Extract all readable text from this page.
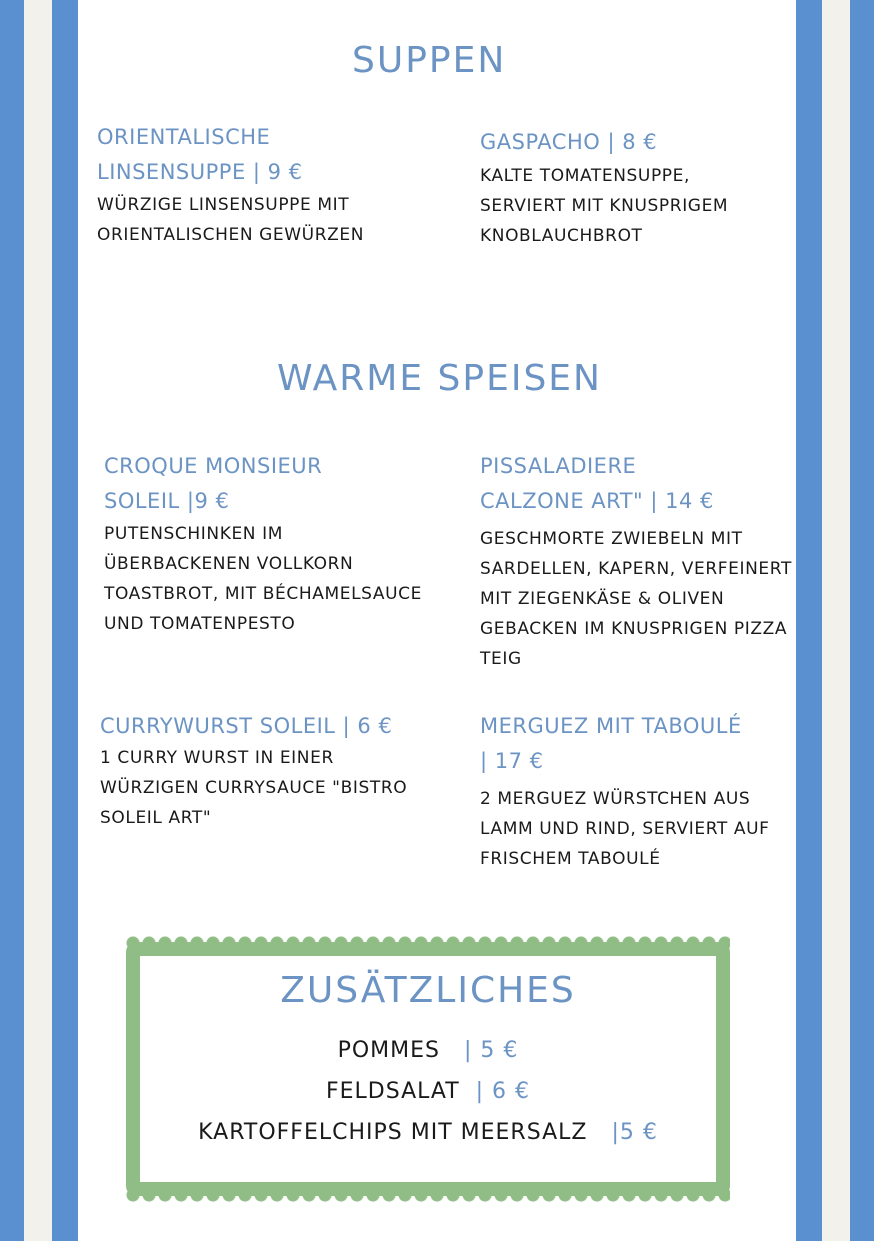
SUPPEN
ORIENTALISCHE
LINSENSUPPE | 9 €
WÜRZIGE LINSENSUPPE MIT
ORIENTALISCHEN GEWÜRZEN
GASPACHO | 8 €
KALTE TOMATENSUPPE,
SERVIERT MIT KNUSPRIGEM
KNOBLAUCHBROT
WARME SPEISEN
CROQUE MONSIEUR
SOLEIL |9 €
PUTENSCHINKEN IM
ÜBERBACKENEN VOLLKORN
TOASTBROT, MIT BÉCHAMELSAUCE
UND TOMATENPESTO
PISSALADIERE
CALZONE ART" | 14 €
GESCHMORTE ZWIEBELN MIT
SARDELLEN, KAPERN, VERFEINERT
MIT ZIEGENKÄSE & OLIVEN
GEBACKEN IM KNUSPRIGEN PIZZA
TEIG
CURRYWURST SOLEIL | 6 €
1 CURRY WURST IN EINER
WÜRZIGEN CURRYSAUCE "BISTRO
SOLEIL ART"
MERGUEZ MIT TABOULÉ
| 17 €
2 MERGUEZ WÜRSTCHEN AUS
LAMM UND RIND, SERVIERT AUF
FRISCHEM TABOULÉ
ZUSÄTZLICHES
POMMES | 5 €
FELDSALAT | 6 €
KARTOFFELCHIPS MIT MEERSALZ |5 €
